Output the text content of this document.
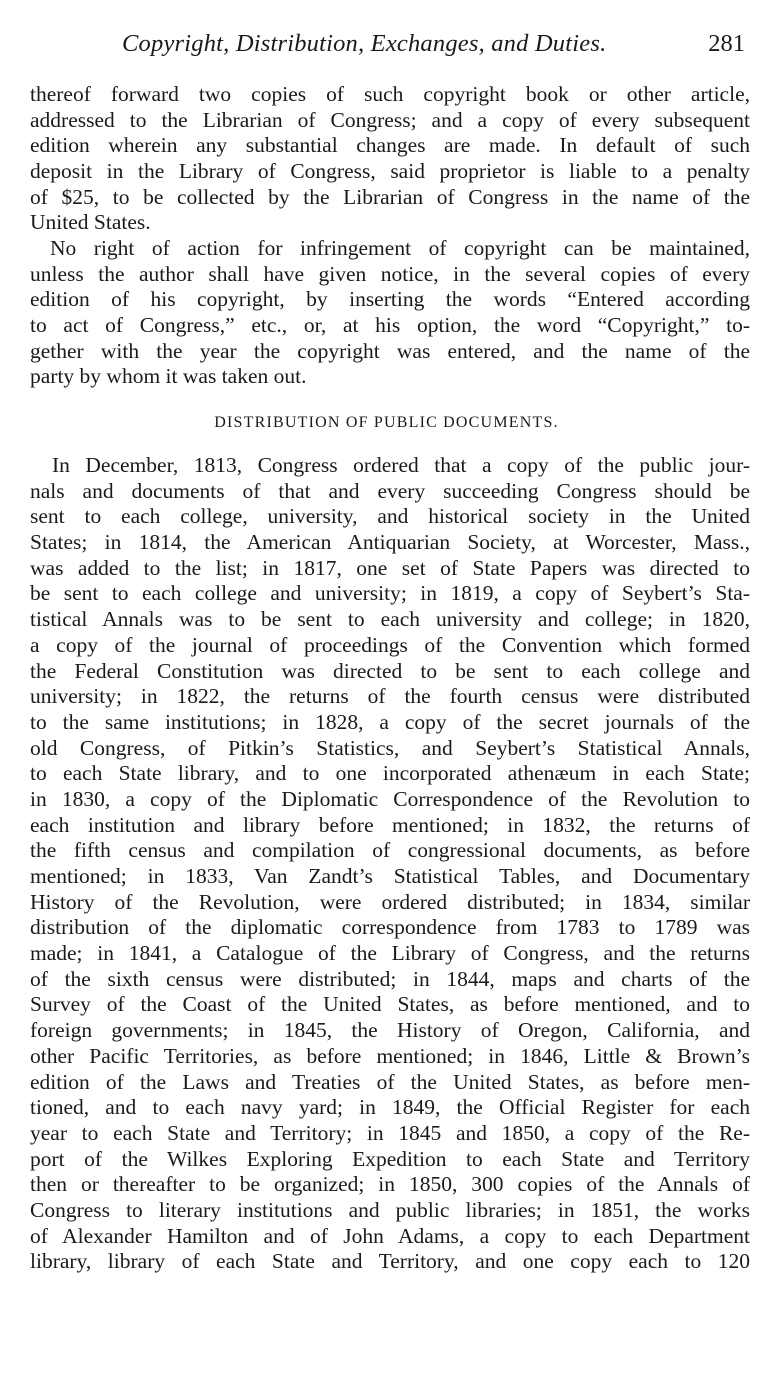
Copyright, Distribution, Exchanges, and Duties.	281
thereof forward two copies of such copyright book or other article,
addressed to the Librarian of Congress; and a copy of every subsequent
edition wherein any substantial changes are made. In default of such
deposit in the Library of Congress, said proprietor is liable to a penalty
of $25, to be collected by the Librarian of Congress in the name of the
United States.
No right of action for infringement of copyright can be maintained,
unless the author shall have given notice, in the several copies of every
edition of his copyright, by inserting the words “Entered according
to act of Congress,” etc., or, at his option, the word “Copyright,” to-
gether with the year the copyright was entered, and the name of the
party by whom it was taken out.
DISTRIBUTION OF PUBLIC DOCUMENTS.
In December, 1813, Congress ordered that a copy of the public jour-
nals and documents of that and every succeeding Congress should be
sent to each college, university, and historical society in the United
States; in 1814, the American Antiquarian Society, at Worcester, Mass.,
was added to the list; in 1817, one set of State Papers was directed to
be sent to each college and university; in 1819, a copy of Seybert’s Sta-
tistical Annals was to be sent to each university and college; in 1820,
a copy of the journal of proceedings of the Convention which formed
the Federal Constitution was directed to be sent to each college and
university; in 1822, the returns of the fourth census were distributed
to the same institutions; in 1828, a copy of the secret journals of the
old Congress, of Pitkin’s Statistics, and Seybert’s Statistical Annals,
to each State library, and to one incorporated athenæum in each State;
in 1830, a copy of the Diplomatic Correspondence of the Revolution to
each institution and library before mentioned; in 1832, the returns of
the fifth census and compilation of congressional documents, as before
mentioned; in 1833, Van Zandt’s Statistical Tables, and Documentary
History of the Revolution, were ordered distributed; in 1834, similar
distribution of the diplomatic correspondence from 1783 to 1789 was
made; in 1841, a Catalogue of the Library of Congress, and the returns
of the sixth census were distributed; in 1844, maps and charts of the
Survey of the Coast of the United States, as before mentioned, and to
foreign governments; in 1845, the History of Oregon, California, and
other Pacific Territories, as before mentioned; in 1846, Little & Brown’s
edition of the Laws and Treaties of the United States, as before men-
tioned, and to each navy yard; in 1849, the Official Register for each
year to each State and Territory; in 1845 and 1850, a copy of the Re-
port of the Wilkes Exploring Expedition to each State and Territory
then or thereafter to be organized; in 1850, 300 copies of the Annals of
Congress to literary institutions and public libraries; in 1851, the works
of Alexander Hamilton and of John Adams, a copy to each Department
library, library of each State and Territory, and one copy each to 120
